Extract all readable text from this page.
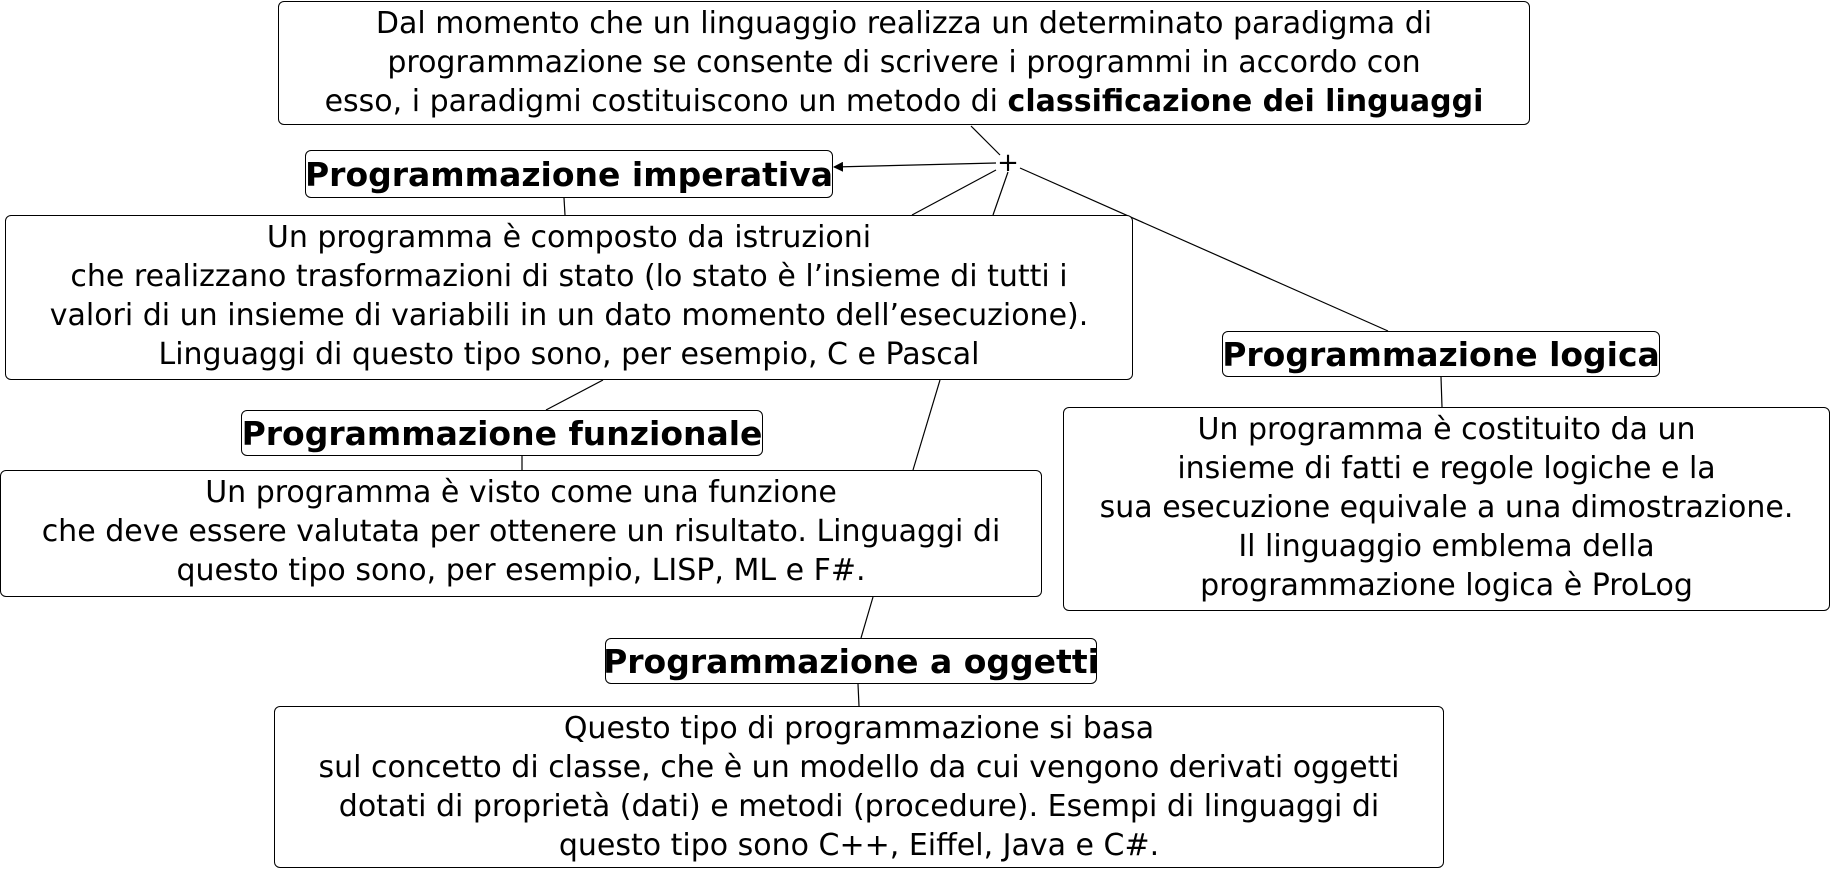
+
Dal momento che un linguaggio realizza un determinato paradigma di
programmazione se consente di scrivere i programmi in accordo con
esso, i paradigmi costituiscono un metodo di classificazione dei linguaggi
Programmazione imperativa
Un programma è composto da istruzioni
che realizzano trasformazioni di stato (lo stato è l’insieme di tutti i
valori di un insieme di variabili in un dato momento dell’esecuzione).
Linguaggi di questo tipo sono, per esempio, C e Pascal
Programmazione funzionale
Un programma è visto come una funzione
che deve essere valutata per ottenere un risultato. Linguaggi di
questo tipo sono, per esempio, LISP, ML e F#.
Programmazione logica
Un programma è costituito da un
insieme di fatti e regole logiche e la
sua esecuzione equivale a una dimostrazione.
Il linguaggio emblema della
programmazione logica è ProLog
Programmazione a oggetti
Questo tipo di programmazione si basa
sul concetto di classe, che è un modello da cui vengono derivati oggetti
dotati di proprietà (dati) e metodi (procedure). Esempi di linguaggi di
questo tipo sono C++, Eiffel, Java e C#.
